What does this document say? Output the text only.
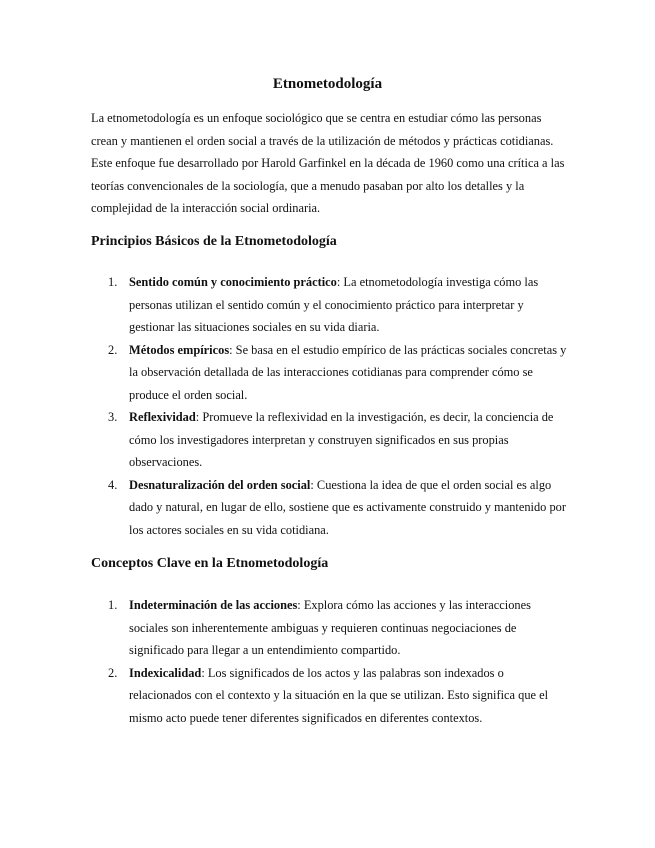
Etnometodología

La etnometodología es un enfoque sociológico que se centra en estudiar cómo las personas crean y mantienen el orden social a través de la utilización de métodos y prácticas cotidianas. Este enfoque fue desarrollado por Harold Garfinkel en la década de 1960 como una crítica a las teorías convencionales de la sociología, que a menudo pasaban por alto los detalles y la complejidad de la interacción social ordinaria.

Principios Básicos de la Etnometodología
1. Sentido común y conocimiento práctico: La etnometodología investiga cómo las personas utilizan el sentido común y el conocimiento práctico para interpretar y gestionar las situaciones sociales en su vida diaria.
2. Métodos empíricos: Se basa en el estudio empírico de las prácticas sociales concretas y la observación detallada de las interacciones cotidianas para comprender cómo se produce el orden social.
3. Reflexividad: Promueve la reflexividad en la investigación, es decir, la conciencia de cómo los investigadores interpretan y construyen significados en sus propias observaciones.
4. Desnaturalización del orden social: Cuestiona la idea de que el orden social es algo dado y natural, en lugar de ello, sostiene que es activamente construido y mantenido por los actores sociales en su vida cotidiana.
Conceptos Clave en la Etnometodología
1. Indeterminación de las acciones: Explora cómo las acciones y las interacciones sociales son inherentemente ambiguas y requieren continuas negociaciones de significado para llegar a un entendimiento compartido.
2. Indexicalidad: Los significados de los actos y las palabras son indexados o relacionados con el contexto y la situación en la que se utilizan. Esto significa que el mismo acto puede tener diferentes significados en diferentes contextos.
